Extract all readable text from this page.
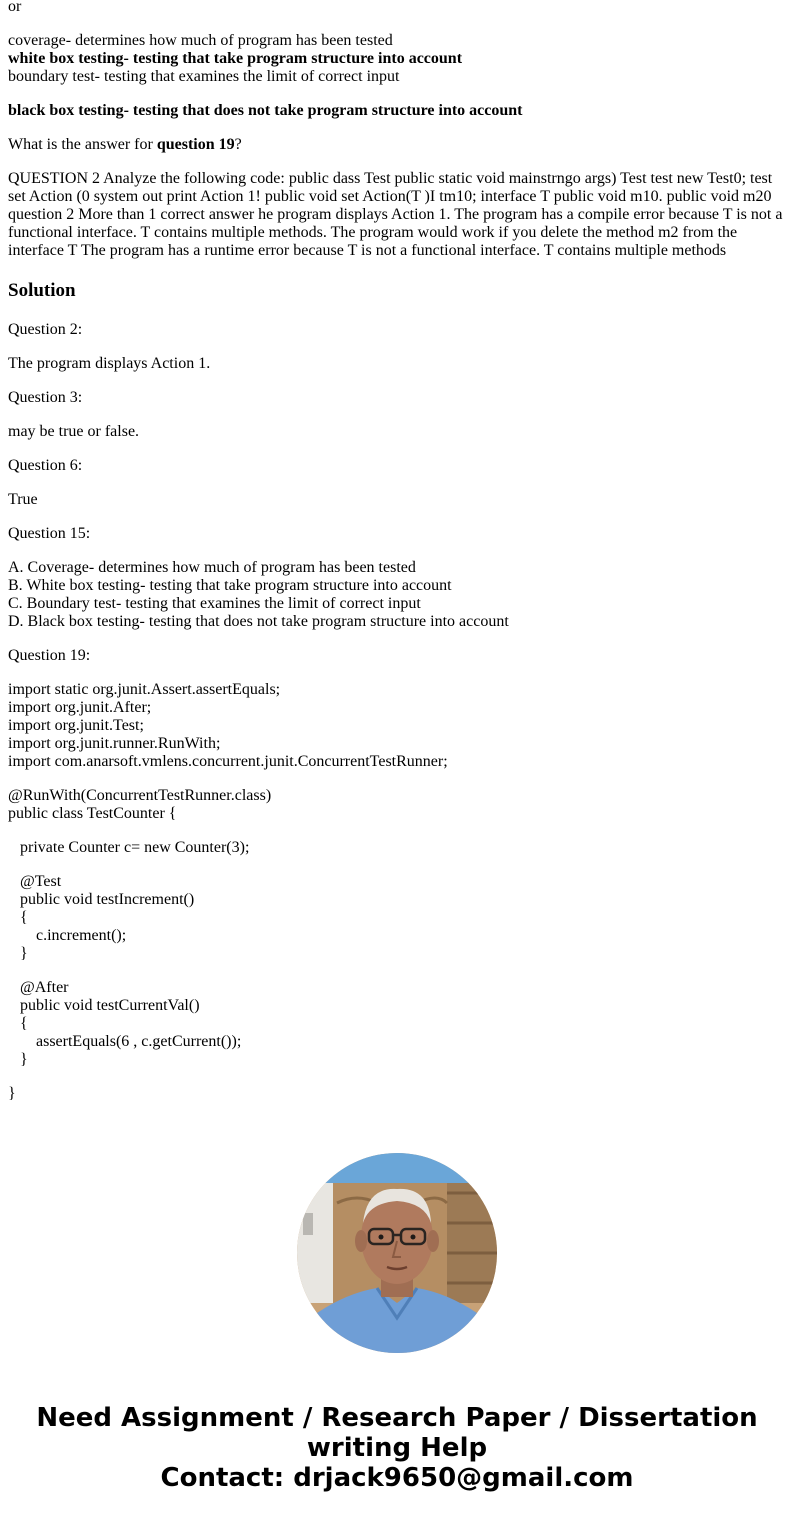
or
coverage- determines how much of program has been tested
white box testing- testing that take program structure into account
boundary test- testing that examines the limit of correct input
black box testing- testing that does not take program structure into account
What is the answer for question 19?
QUESTION 2 Analyze the following code: public dass Test public static void mainstrngo args) Test test new Test0; test set Action (0 system out print Action 1! public void set Action(T )I tm10; interface T public void m10. public void m20 question 2 More than 1 correct answer he program displays Action 1. The program has a compile error because T is not a functional interface. T contains multiple methods. The program would work if you delete the method m2 from the interface T The program has a runtime error because T is not a functional interface. T contains multiple methods
Solution
Question 2:
The program displays Action 1.
Question 3:
may be true or false.
Question 6:
True
Question 15:
A. Coverage- determines how much of program has been tested
B. White box testing- testing that take program structure into account
C. Boundary test- testing that examines the limit of correct input
D. Black box testing- testing that does not take program structure into account
Question 19:
import static org.junit.Assert.assertEquals;
import org.junit.After;
import org.junit.Test;
import org.junit.runner.RunWith;
import com.anarsoft.vmlens.concurrent.junit.ConcurrentTestRunner;
@RunWith(ConcurrentTestRunner.class)
public class TestCounter {
private Counter c= new Counter(3);
@Test
public void testIncrement()
{
c.increment();
}
@After
public void testCurrentVal()
{
assertEquals(6 , c.getCurrent());
}
}
Need Assignment / Research Paper / Dissertation
writing Help
Contact: drjack9650@gmail.com
